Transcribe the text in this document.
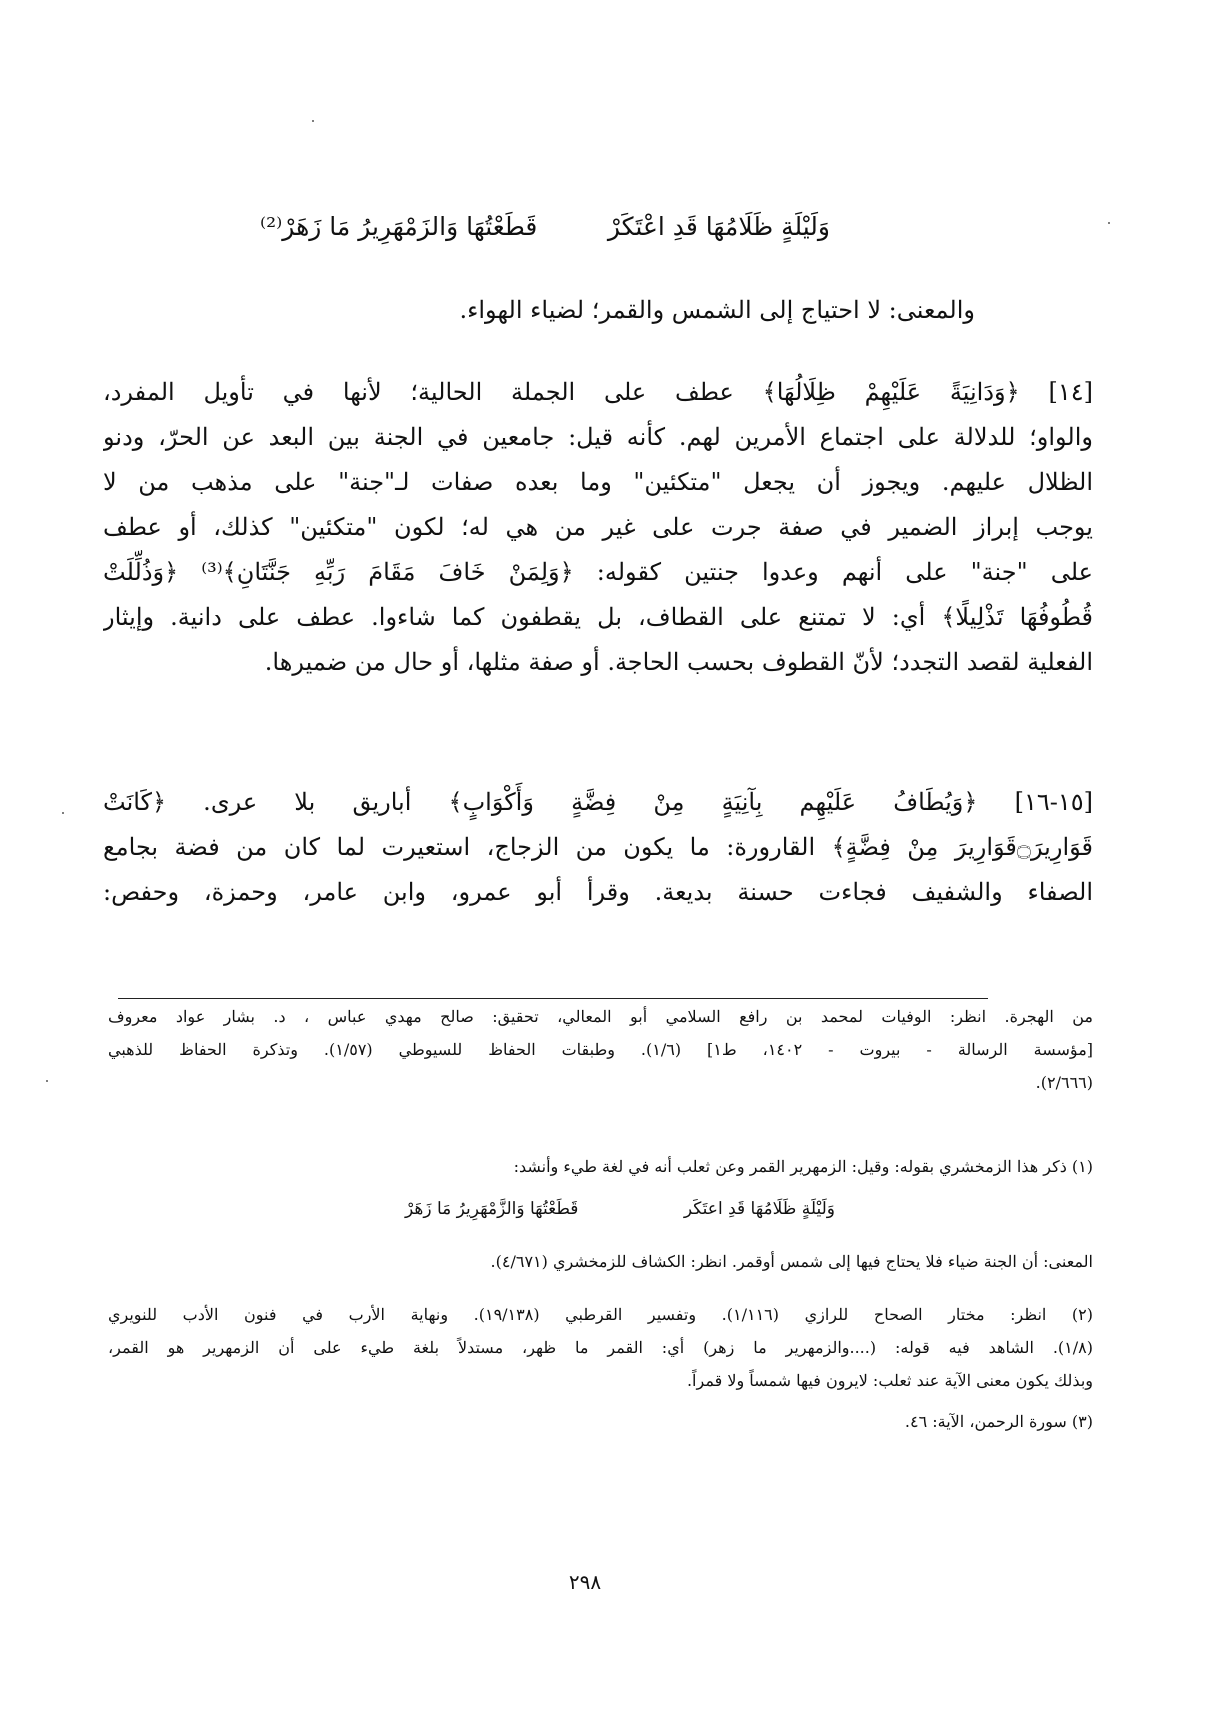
وَلَيْلَةٍ ظَلَامُهَا قَدِ اعْتَكَرْ
قَطَعْتُهَا وَالزَمْهَرِيرُ مَا زَهَرْ⁽²⁾
والمعنى: لا احتياج إلى الشمس والقمر؛ لضياء الهواء.
[١٤] ﴿وَدَانِيَةً عَلَيْهِمْ ظِلَالُهَا﴾ عطف على الجملة الحالية؛ لأنها في تأويل المفرد،
والواو؛ للدلالة على اجتماع الأمرين لهم. كأنه قيل: جامعين في الجنة بين البعد عن الحرّ، ودنو
الظلال عليهم. ويجوز أن يجعل "متكئين" وما بعده صفات لـ"جنة" على مذهب من لا
يوجب إبراز الضمير في صفة جرت على غير من هي له؛ لكون "متكئين" كذلك، أو عطف
على "جنة" على أنهم وعدوا جنتين كقوله: ﴿وَلِمَنْ خَافَ مَقَامَ رَبِّهِ جَنَّتَانِ﴾⁽³⁾ ﴿وَذُلِّلَتْ
قُطُوفُهَا تَذْلِيلًا﴾ أي: لا تمتنع على القطاف، بل يقطفون كما شاءوا. عطف على دانية. وإيثار
الفعلية لقصد التجدد؛ لأنّ القطوف بحسب الحاجة. أو صفة مثلها، أو حال من ضميرها.
[١٥-١٦] ﴿وَيُطَافُ عَلَيْهِم بِآنِيَةٍ مِنْ فِضَّةٍ وَأَكْوَابٍ﴾ أباريق بلا عرى. ﴿كَانَتْ
قَوَارِيرَ۝قَوَارِيرَ مِنْ فِضَّةٍ﴾ القارورة: ما يكون من الزجاج، استعيرت لما كان من فضة بجامع
الصفاء والشفيف فجاءت حسنة بديعة. وقرأ أبو عمرو، وابن عامر، وحمزة، وحفص:
من الهجرة. انظر: الوفيات لمحمد بن رافع السلامي أبو المعالي، تحقيق: صالح مهدي عباس ، د. بشار عواد معروف
[مؤسسة الرسالة - بيروت - ١٤٠٢، ط١] (١/٦). وطبقات الحفاظ للسيوطي (١/٥٧). وتذكرة الحفاظ للذهبي
(٢/٦٦٦).
(١) ذكر هذا الزمخشري بقوله: وقيل: الزمهرير القمر وعن ثعلب أنه في لغة طيء وأنشد:
وَلَيْلَةٍ ظَلَامُهَا قَدِ اعتَكَر
قَطَعْتُهَا وَالزَّمْهَرِيرُ مَا زَهَرْ
المعنى: أن الجنة ضياء فلا يحتاج فيها إلى شمس أوقمر. انظر: الكشاف للزمخشري (٤/٦٧١).
(٢) انظر: مختار الصحاح للرازي (١/١١٦). وتفسير القرطبي (١٩/١٣٨). ونهاية الأرب في فنون الأدب للنويري
(١/٨). الشاهد فيه قوله: (....والزمهرير ما زهر) أي: القمر ما ظهر، مستدلاً بلغة طيء على أن الزمهرير هو القمر،
وبذلك يكون معنى الآية عند ثعلب: لايرون فيها شمساً ولا قمراً.
(٣) سورة الرحمن، الآية: ٤٦.
٢٩٨
